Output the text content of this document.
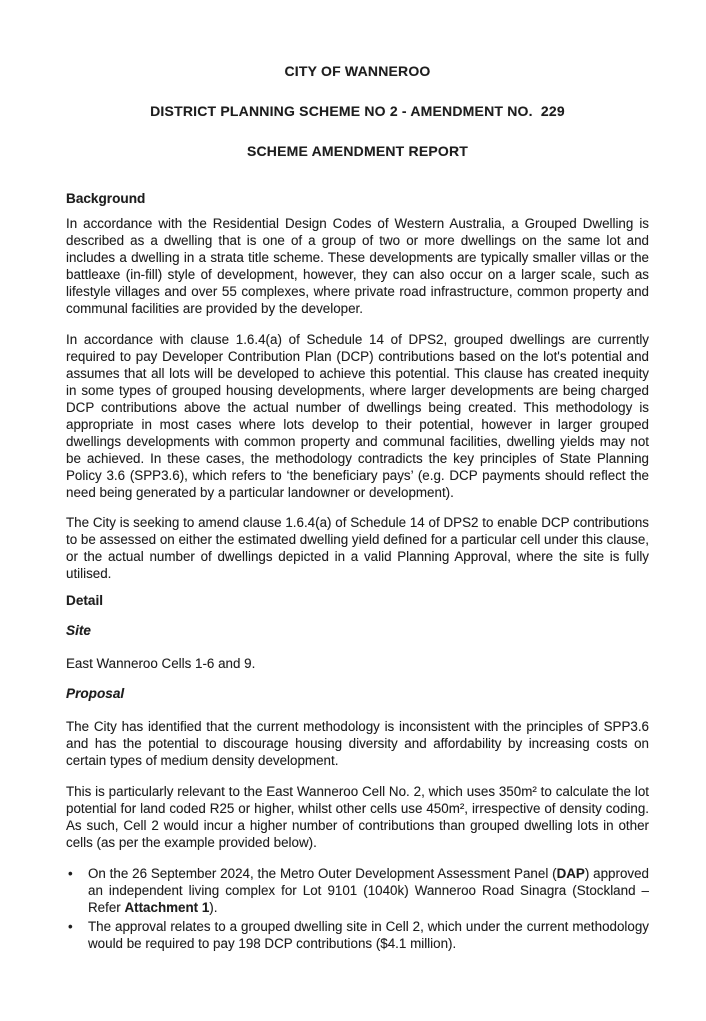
CITY OF WANNEROO
DISTRICT PLANNING SCHEME NO 2 - AMENDMENT NO.  229
SCHEME AMENDMENT REPORT
Background

In accordance with the Residential Design Codes of Western Australia, a Grouped Dwelling is described as a dwelling that is one of a group of two or more dwellings on the same lot and includes a dwelling in a strata title scheme. These developments are typically smaller villas or the battleaxe (in-fill) style of development, however, they can also occur on a larger scale, such as lifestyle villages and over 55 complexes, where private road infrastructure, common property and communal facilities are provided by the developer.

In accordance with clause 1.6.4(a) of Schedule 14 of DPS2, grouped dwellings are currently required to pay Developer Contribution Plan (DCP) contributions based on the lot's potential and assumes that all lots will be developed to achieve this potential. This clause has created inequity in some types of grouped housing developments, where larger developments are being charged DCP contributions above the actual number of dwellings being created. This methodology is appropriate in most cases where lots develop to their potential, however in larger grouped dwellings developments with common property and communal facilities, dwelling yields may not be achieved. In these cases, the methodology contradicts the key principles of State Planning Policy 3.6 (SPP3.6), which refers to ‘the beneficiary pays’ (e.g. DCP payments should reflect the need being generated by a particular landowner or development).

The City is seeking to amend clause 1.6.4(a) of Schedule 14 of DPS2 to enable DCP contributions to be assessed on either the estimated dwelling yield defined for a particular cell under this clause, or the actual number of dwellings depicted in a valid Planning Approval, where the site is fully utilised.

Detail
Site

East Wanneroo Cells 1-6 and 9.

Proposal

The City has identified that the current methodology is inconsistent with the principles of SPP3.6 and has the potential to discourage housing diversity and affordability by increasing costs on certain types of medium density development.

This is particularly relevant to the East Wanneroo Cell No. 2, which uses 350m² to calculate the lot potential for land coded R25 or higher, whilst other cells use 450m², irrespective of density coding. As such, Cell 2 would incur a higher number of contributions than grouped dwelling lots in other cells (as per the example provided below).

• On the 26 September 2024, the Metro Outer Development Assessment Panel (DAP) approved an independent living complex for Lot 9101 (1040k) Wanneroo Road Sinagra (Stockland – Refer Attachment 1).
• The approval relates to a grouped dwelling site in Cell 2, which under the current methodology would be required to pay 198 DCP contributions ($4.1 million).
